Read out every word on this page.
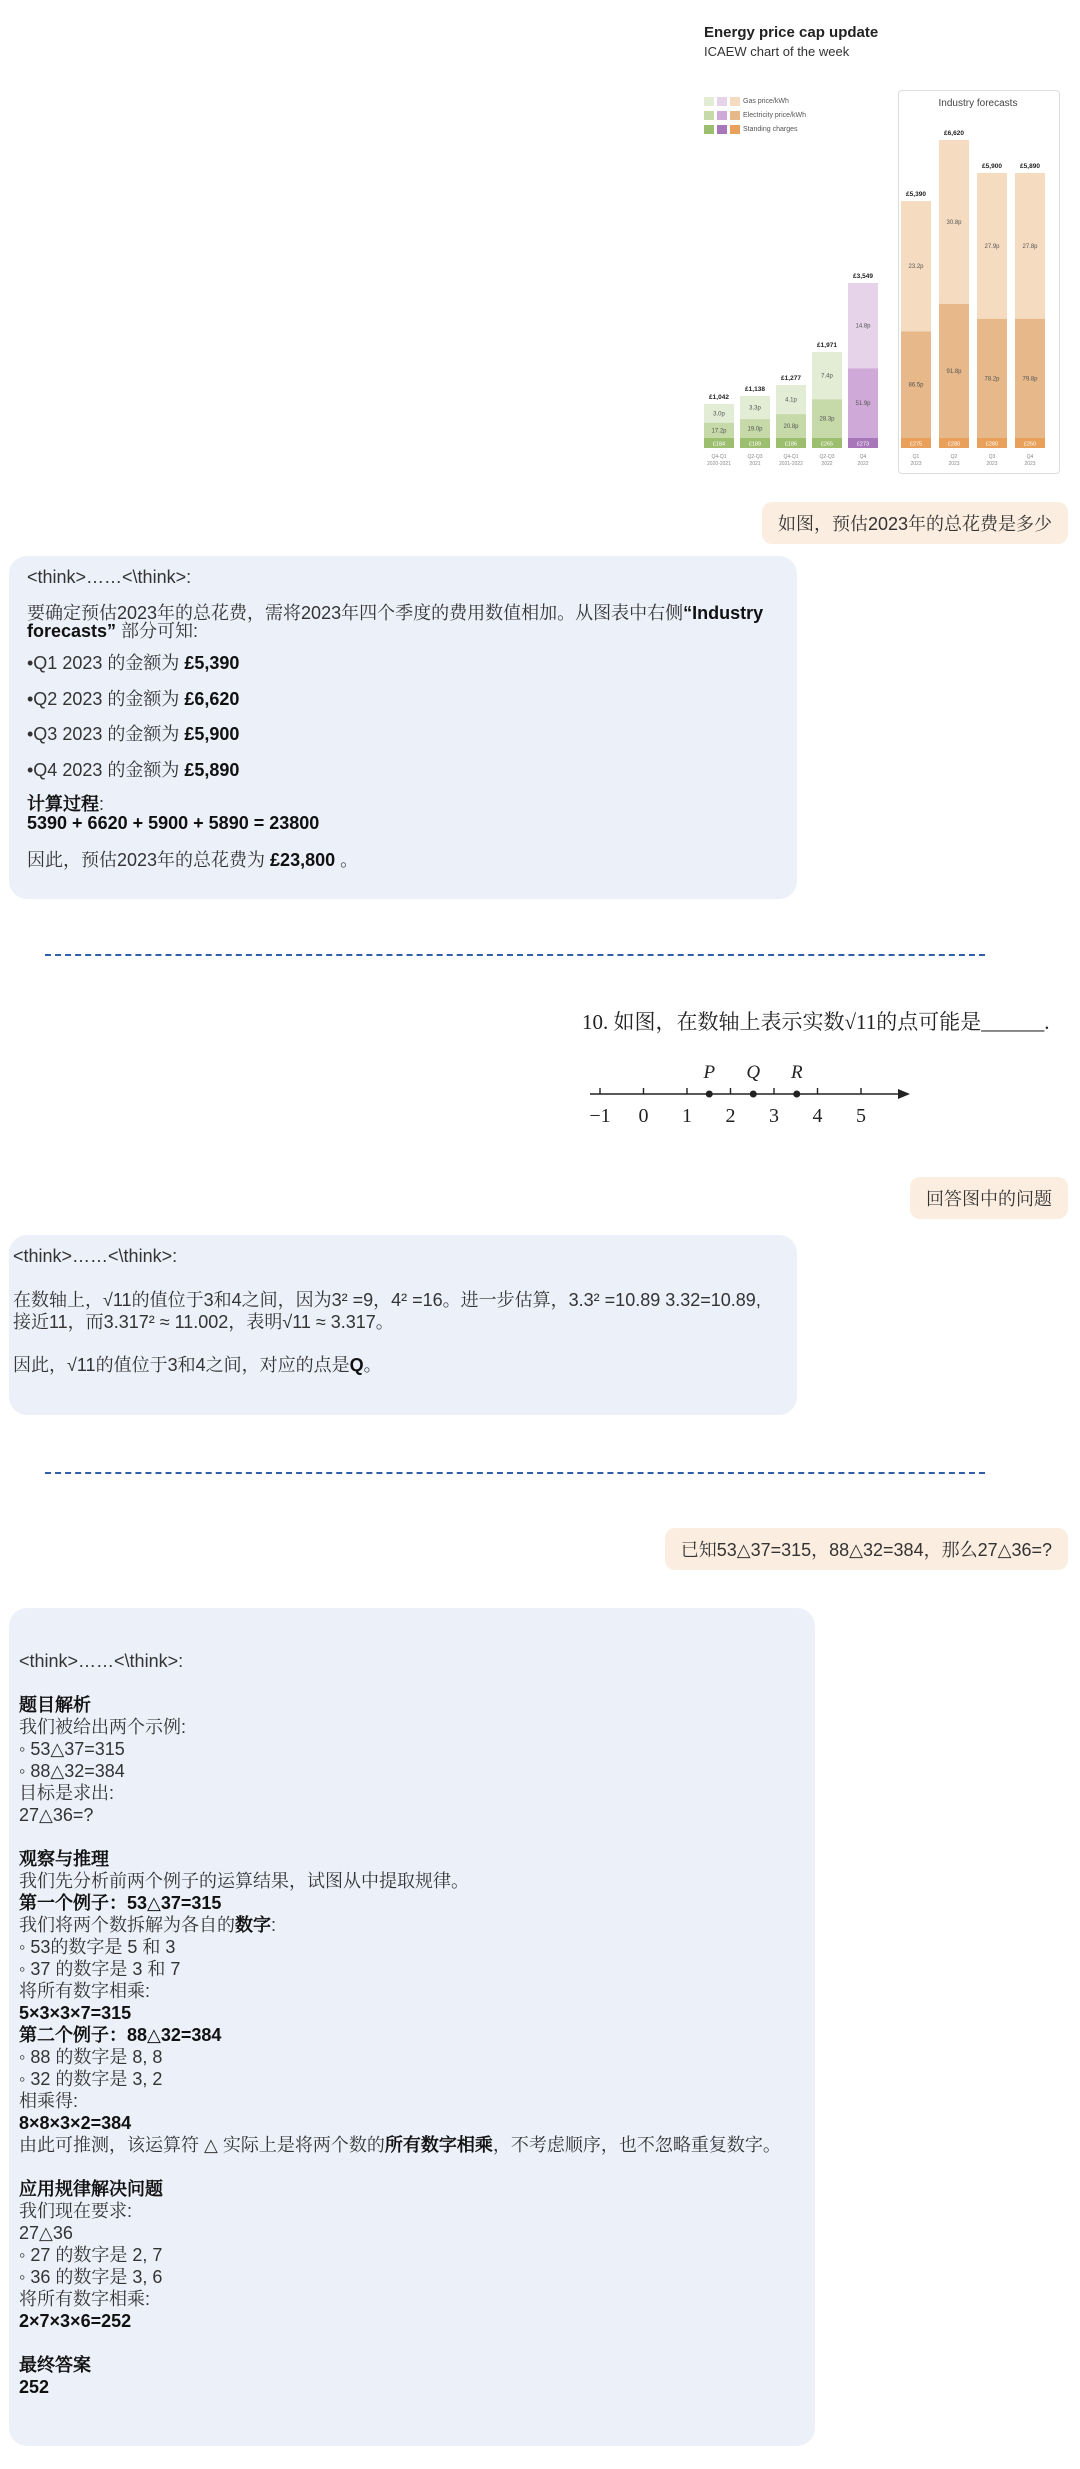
Energy price cap update
ICAEW chart of the week
Gas price/kWh
Electricity price/kWh
Standing charges
Industry forecasts
£1,042
3.0p
17.2p
£184
Q4-Q1
2020-2021
£1,138
3.3p
19.0p
£189
Q2-Q3
2021
£1,277
4.1p
20.8p
£186
Q4-Q1
2021-2022
£1,971
7.4p
28.3p
£265
Q2-Q3
2022
£3,549
14.8p
51.9p
£273
Q4
2022
£5,390
23.2p
86.5p
£275
Q1
2023
£6,620
30.8p
91.8p
£280
Q2
2023
£5,900
27.9p
78.2p
£280
Q3
2023
£5,890
27.8p
79.8p
£250
Q4
2023
如图，预估2023年的总花费是多少

<think>……<\think>:

要确定预估2023年的总花费，需将2023年四个季度的费用数值相加。从图表中右侧“Industry forecasts” 部分可知:

•Q1 2023 的金额为 £5,390

•Q2 2023 的金额为 £6,620

•Q3 2023 的金额为 £5,900

•Q4 2023 的金额为 £5,890

计算过程:

5390 + 6620 + 5900 + 5890 = 23800

因此，预估2023年的总花费为 £23,800 。

10. 如图，在数轴上表示实数√11的点可能是______.
−1 0 1 2 3 4 5
P Q R
回答图中的问题

<think>……<\think>:

在数轴上，√11的值位于3和4之间，因为3² =9，4² =16。进一步估算，3.3² =10.89 3.32=10.89,

接近11，而3.317² ≈ 11.002，表明√11 ≈ 3.317。

因此，√11的值位于3和4之间，对应的点是Q。

已知53△37=315，88△32=384，那么27△36=?

<think>……<\think>:

题目解析

我们被给出两个示例:

◦ 53△37=315

◦ 88△32=384

目标是求出:

27△36=?

观察与推理

我们先分析前两个例子的运算结果，试图从中提取规律。

第一个例子：53△37=315

我们将两个数拆解为各自的数字:

◦ 53的数字是 5 和 3

◦ 37 的数字是 3 和 7

将所有数字相乘:

5×3×3×7=315

第二个例子：88△32=384

◦ 88 的数字是 8, 8

◦ 32 的数字是 3, 2

相乘得:

8×8×3×2=384

由此可推测，该运算符 △ 实际上是将两个数的所有数字相乘，不考虑顺序，也不忽略重复数字。

应用规律解决问题

我们现在要求:

27△36

◦ 27 的数字是 2, 7

◦ 36 的数字是 3, 6

将所有数字相乘:

2×7×3×6=252

最终答案

252
